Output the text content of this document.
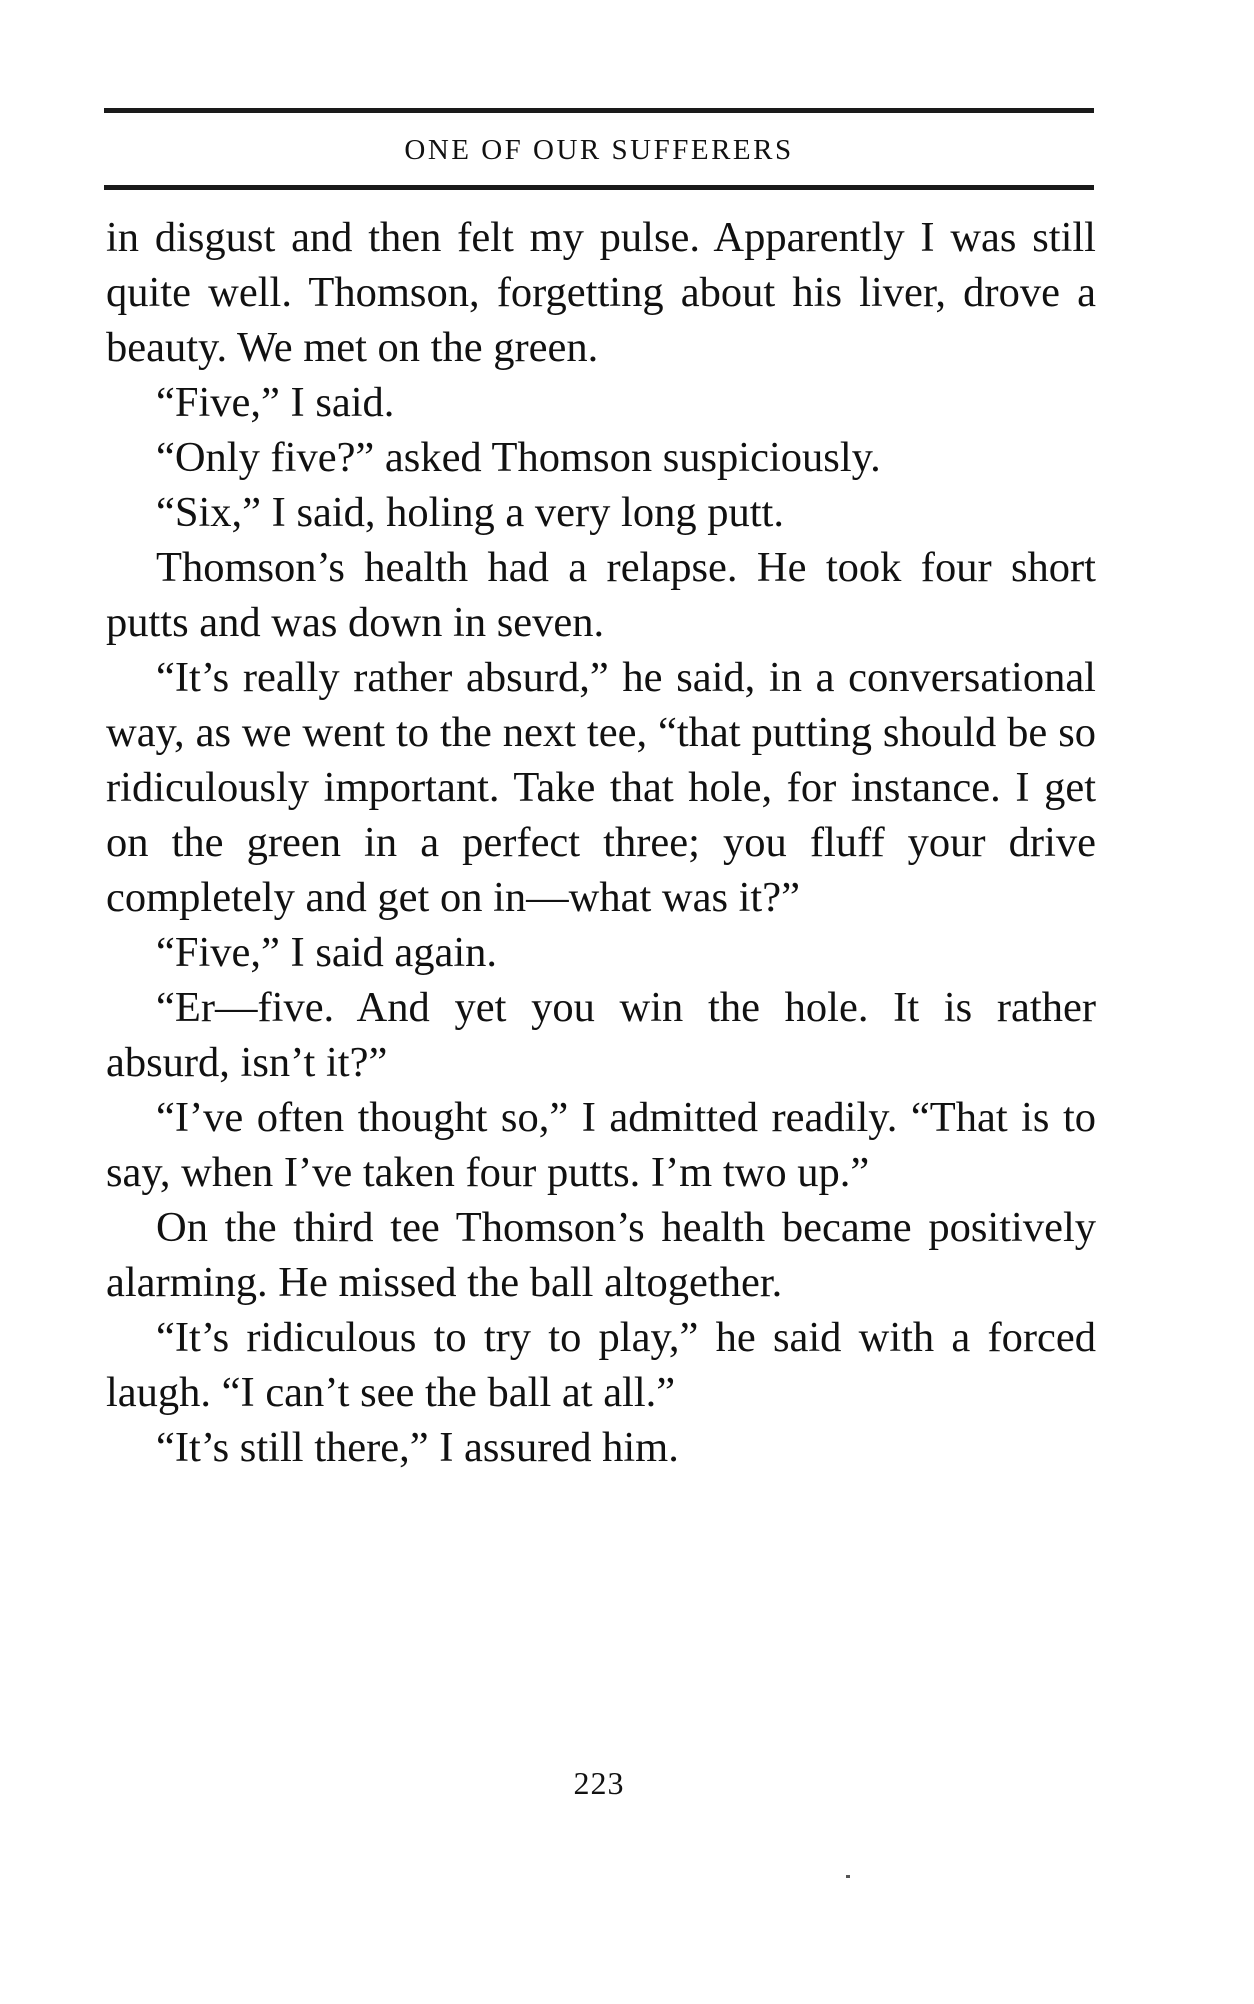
ONE OF OUR SUFFERERS

in disgust and then felt my pulse. Apparently I was still quite well. Thomson, forgetting about his liver, drove a beauty. We met on the green.

“Five,” I said.

“Only five?” asked Thomson suspiciously.

“Six,” I said, holing a very long putt.

Thomson’s health had a relapse. He took four short putts and was down in seven.

“It’s really rather absurd,” he said, in a conversational way, as we went to the next tee, “that putting should be so ridiculously important. Take that hole, for instance. I get on the green in a perfect three; you fluff your drive completely and get on in—what was it?”

“Five,” I said again.

“Er—five. And yet you win the hole. It is rather absurd, isn’t it?”

“I’ve often thought so,” I admitted readily. “That is to say, when I’ve taken four putts. I’m two up.”

On the third tee Thomson’s health became positively alarming. He missed the ball altogether.

“It’s ridiculous to try to play,” he said with a forced laugh. “I can’t see the ball at all.”

“It’s still there,” I assured him.

223
